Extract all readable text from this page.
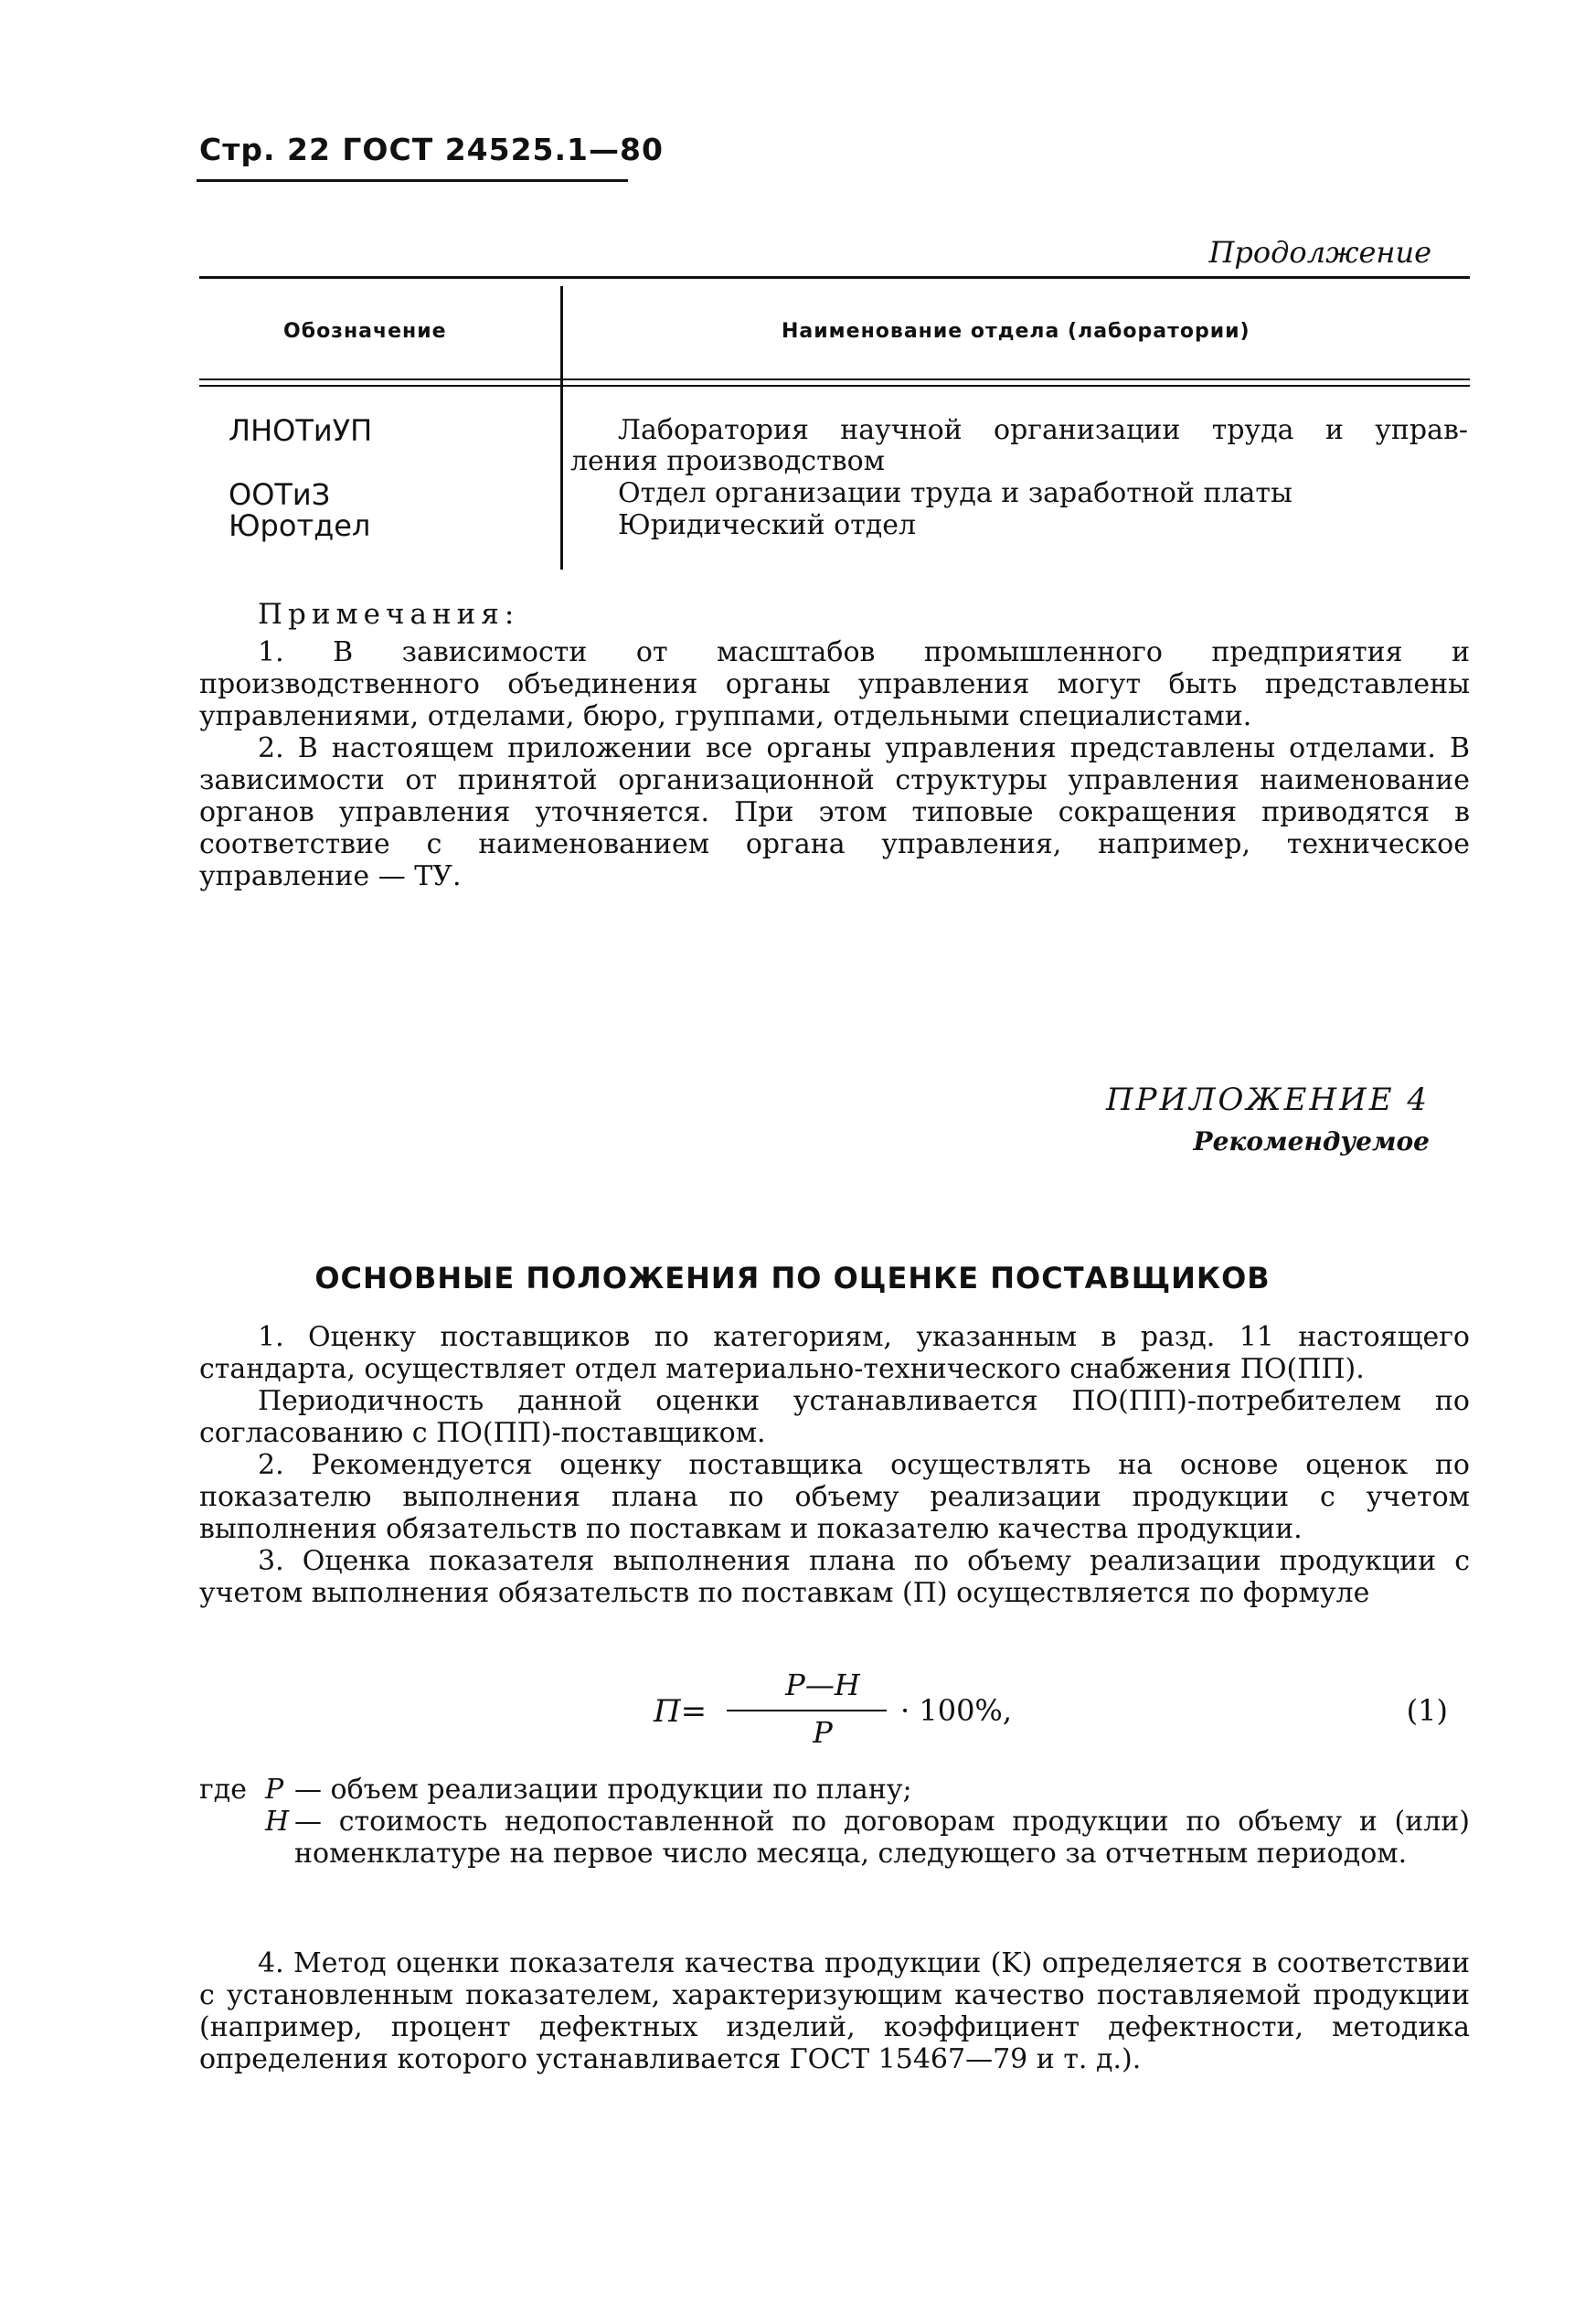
Стр. 22 ГОСТ 24525.1—80
Продолжение
Обозначение	Наименование отдела (лаборатории)
ЛНОТиУП	Лаборатория научной организации труда и управ-
ления производством
ООТиЗ	Отдел организации труда и заработной платы
Юротдел	Юридический отдел
Примечания:
1. В зависимости от масштабов промышленного предприятия и производственного объединения органы управления могут быть представлены управлениями, отделами, бюро, группами, отдельными специалистами.
2. В настоящем приложении все органы управления представлены отделами. В зависимости от принятой организационной структуры управления наименование органов управления уточняется. При этом типовые сокращения приводятся в соответствие с наименованием органа управления, например, техническое управление — ТУ.
ПРИЛОЖЕНИЕ 4
Рекомендуемое
ОСНОВНЫЕ ПОЛОЖЕНИЯ ПО ОЦЕНКЕ ПОСТАВЩИКОВ
1. Оценку поставщиков по категориям, указанным в разд. 11 настоящего стандарта, осуществляет отдел материально-технического снабжения ПО(ПП).
Периодичность данной оценки устанавливается ПО(ПП)-потребителем по согласованию с ПО(ПП)-поставщиком.
2. Рекомендуется оценку поставщика осуществлять на основе оценок по показателю выполнения плана по объему реализации продукции с учетом выполнения обязательств по поставкам и показателю качества продукции.
3. Оценка показателя выполнения плана по объему реализации продукции с учетом выполнения обязательств по поставкам (П) осуществляется по формуле
П=
P—H
P
· 100%,	(1)
где P — объем реализации продукции по плану;
H — стоимость недопоставленной по договорам продукции по объему и (или) номенклатуре на первое число месяца, следующего за отчетным периодом.
4. Метод оценки показателя качества продукции (K) определяется в соответствии с установленным показателем, характеризующим качество поставляемой продукции (например, процент дефектных изделий, коэффициент дефектности, методика определения которого устанавливается ГОСТ 15467—79 и т. д.).
